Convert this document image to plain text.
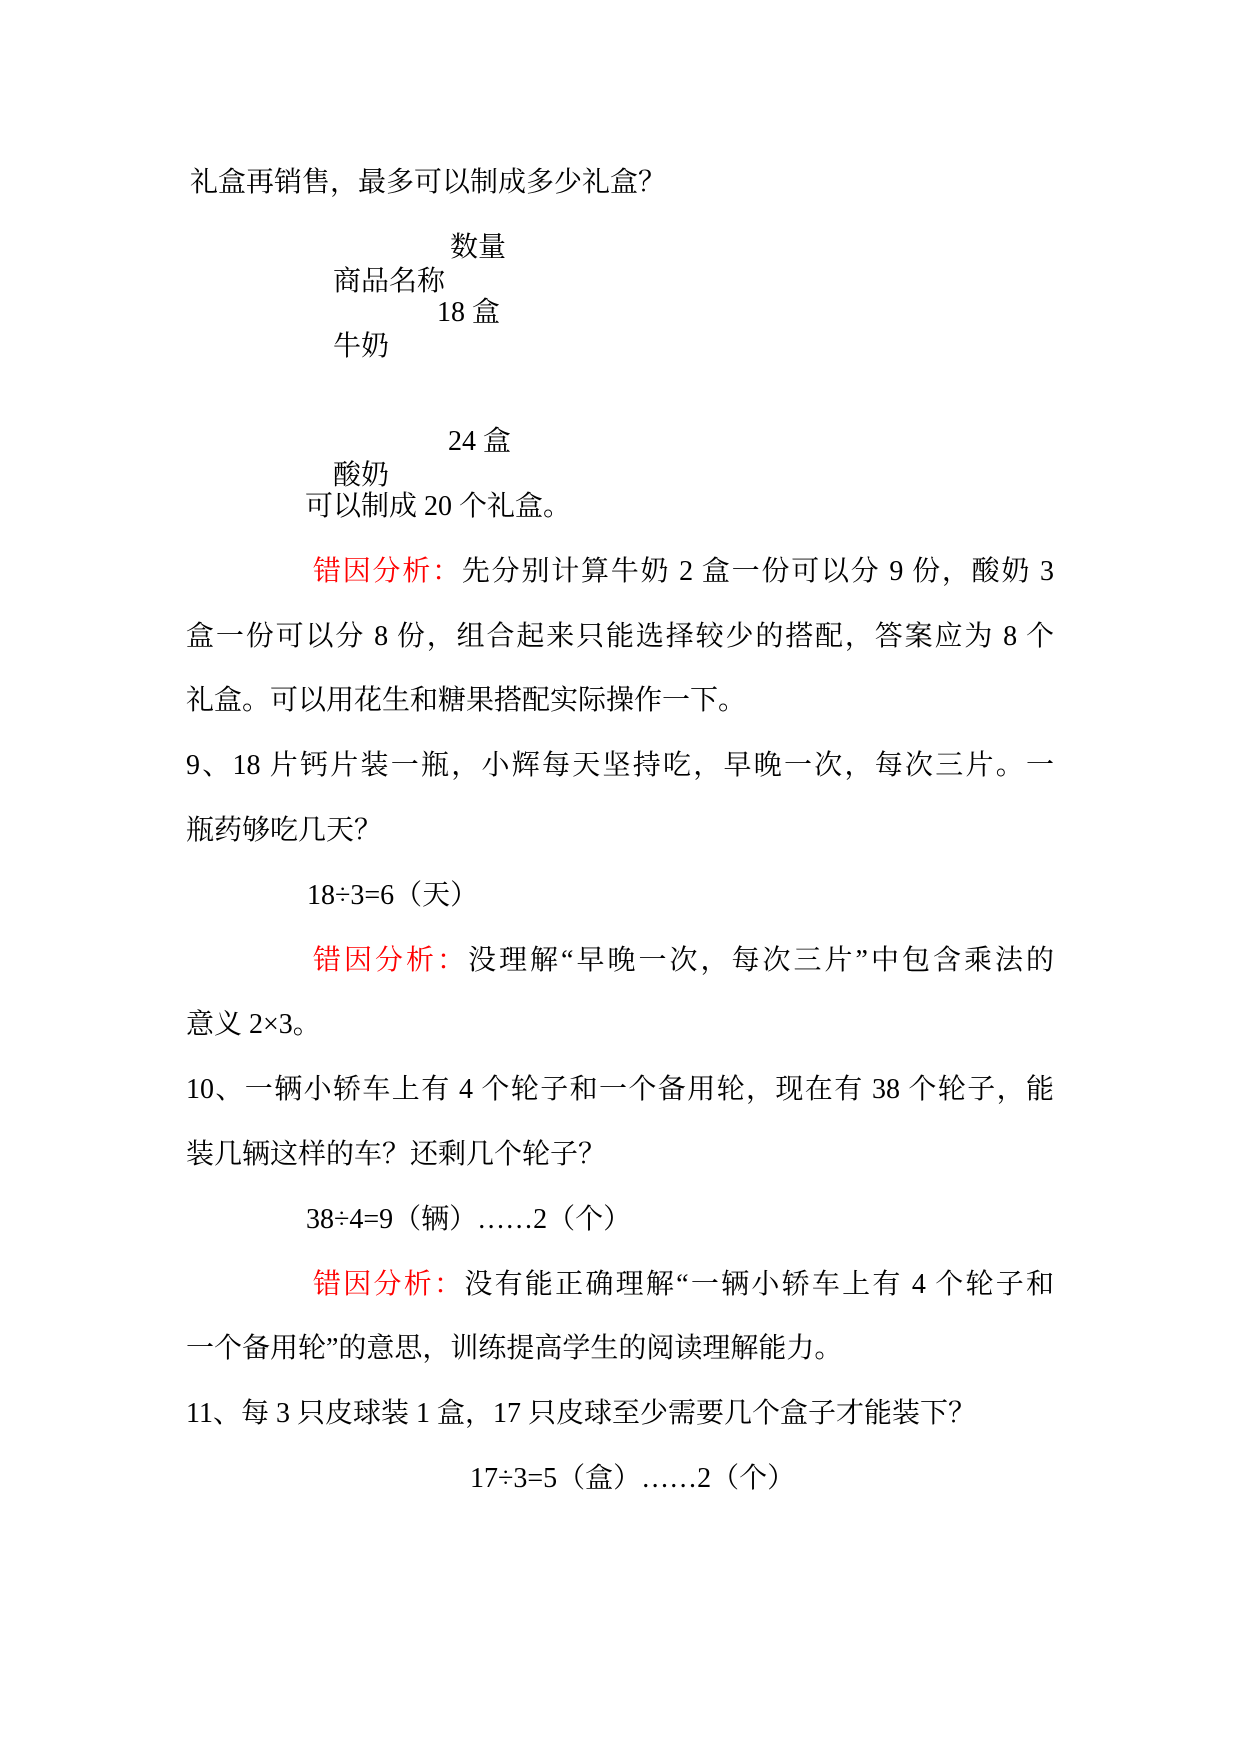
礼盒再销售，最多可以制成多少礼盒？

商品名称

数量

牛奶

18 盒

酸奶

24 盒

可以制成 20 个礼盒。
错因分析：先分别计算牛奶 2 盒一份可以分 9 份，酸奶 3
盒一份可以分 8 份，组合起来只能选择较少的搭配，答案应为 8 个
礼盒。可以用花生和糖果搭配实际操作一下。
9、18 片钙片装一瓶，小辉每天坚持吃，早晚一次，每次三片。一
瓶药够吃几天？
18÷3=6（天）
错因分析：没理解“早晚一次，每次三片”中包含乘法的
意义 2×3。
10、一辆小轿车上有 4 个轮子和一个备用轮，现在有 38 个轮子，能
装几辆这样的车？还剩几个轮子？
38÷4=9（辆）……2（个）
错因分析：没有能正确理解“一辆小轿车上有 4 个轮子和
一个备用轮”的意思，训练提高学生的阅读理解能力。
11、每 3 只皮球装 1 盒，17 只皮球至少需要几个盒子才能装下？
17÷3=5（盒）……2（个）
